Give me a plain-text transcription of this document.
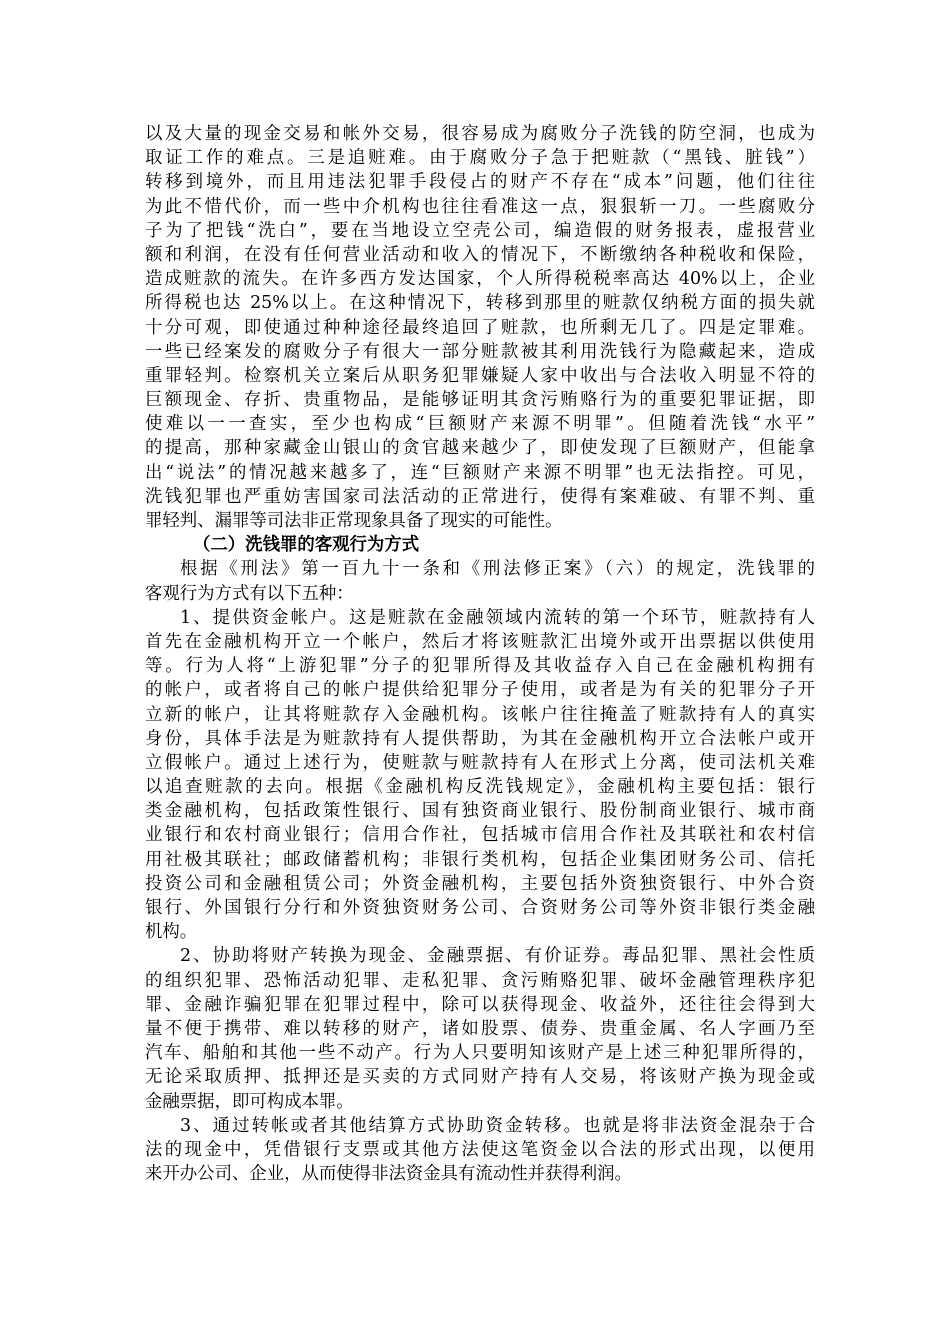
以及大量的现金交易和帐外交易，很容易成为腐败分子洗钱的防空洞，也成为
取证工作的难点。三是追赃难。由于腐败分子急于把赃款（“黑钱、脏钱”）
转移到境外，而且用违法犯罪手段侵占的财产不存在“成本”问题，他们往往
为此不惜代价，而一些中介机构也往往看准这一点，狠狠斩一刀。一些腐败分
子为了把钱“洗白”，要在当地设立空壳公司，编造假的财务报表，虚报营业
额和利润，在没有任何营业活动和收入的情况下，不断缴纳各种税收和保险，
造成赃款的流失。在许多西方发达国家，个人所得税税率高达 40%以上，企业
所得税也达 25%以上。在这种情况下，转移到那里的赃款仅纳税方面的损失就
十分可观，即使通过种种途径最终追回了赃款，也所剩无几了。四是定罪难。
一些已经案发的腐败分子有很大一部分赃款被其利用洗钱行为隐藏起来，造成
重罪轻判。检察机关立案后从职务犯罪嫌疑人家中收出与合法收入明显不符的
巨额现金、存折、贵重物品，是能够证明其贪污贿赂行为的重要犯罪证据，即
使难以一一查实，至少也构成“巨额财产来源不明罪”。但随着洗钱“水平”
的提高，那种家藏金山银山的贪官越来越少了，即使发现了巨额财产，但能拿
出“说法”的情况越来越多了，连“巨额财产来源不明罪”也无法指控。可见，
洗钱犯罪也严重妨害国家司法活动的正常进行，使得有案难破、有罪不判、重
罪轻判、漏罪等司法非正常现象具备了现实的可能性。
（二）洗钱罪的客观行为方式
根据《刑法》第一百九十一条和《刑法修正案》（六）的规定，洗钱罪的
客观行为方式有以下五种：
1、提供资金帐户。这是赃款在金融领域内流转的第一个环节，赃款持有人
首先在金融机构开立一个帐户，然后才将该赃款汇出境外或开出票据以供使用
等。行为人将“上游犯罪”分子的犯罪所得及其收益存入自己在金融机构拥有
的帐户，或者将自己的帐户提供给犯罪分子使用，或者是为有关的犯罪分子开
立新的帐户，让其将赃款存入金融机构。该帐户往往掩盖了赃款持有人的真实
身份，具体手法是为赃款持有人提供帮助，为其在金融机构开立合法帐户或开
立假帐户。通过上述行为，使赃款与赃款持有人在形式上分离，使司法机关难
以追查赃款的去向。根据《金融机构反洗钱规定》，金融机构主要包括：银行
类金融机构，包括政策性银行、国有独资商业银行、股份制商业银行、城市商
业银行和农村商业银行；信用合作社，包括城市信用合作社及其联社和农村信
用社极其联社；邮政储蓄机构；非银行类机构，包括企业集团财务公司、信托
投资公司和金融租赁公司；外资金融机构，主要包括外资独资银行、中外合资
银行、外国银行分行和外资独资财务公司、合资财务公司等外资非银行类金融
机构。
2、协助将财产转换为现金、金融票据、有价证券。毒品犯罪、黑社会性质
的组织犯罪、恐怖活动犯罪、走私犯罪、贪污贿赂犯罪、破坏金融管理秩序犯
罪、金融诈骗犯罪在犯罪过程中，除可以获得现金、收益外，还往往会得到大
量不便于携带、难以转移的财产，诸如股票、债券、贵重金属、名人字画乃至
汽车、船舶和其他一些不动产。行为人只要明知该财产是上述三种犯罪所得的，
无论采取质押、抵押还是买卖的方式同财产持有人交易，将该财产换为现金或
金融票据，即可构成本罪。
3、通过转帐或者其他结算方式协助资金转移。也就是将非法资金混杂于合
法的现金中，凭借银行支票或其他方法使这笔资金以合法的形式出现，以便用
来开办公司、企业，从而使得非法资金具有流动性并获得利润。
